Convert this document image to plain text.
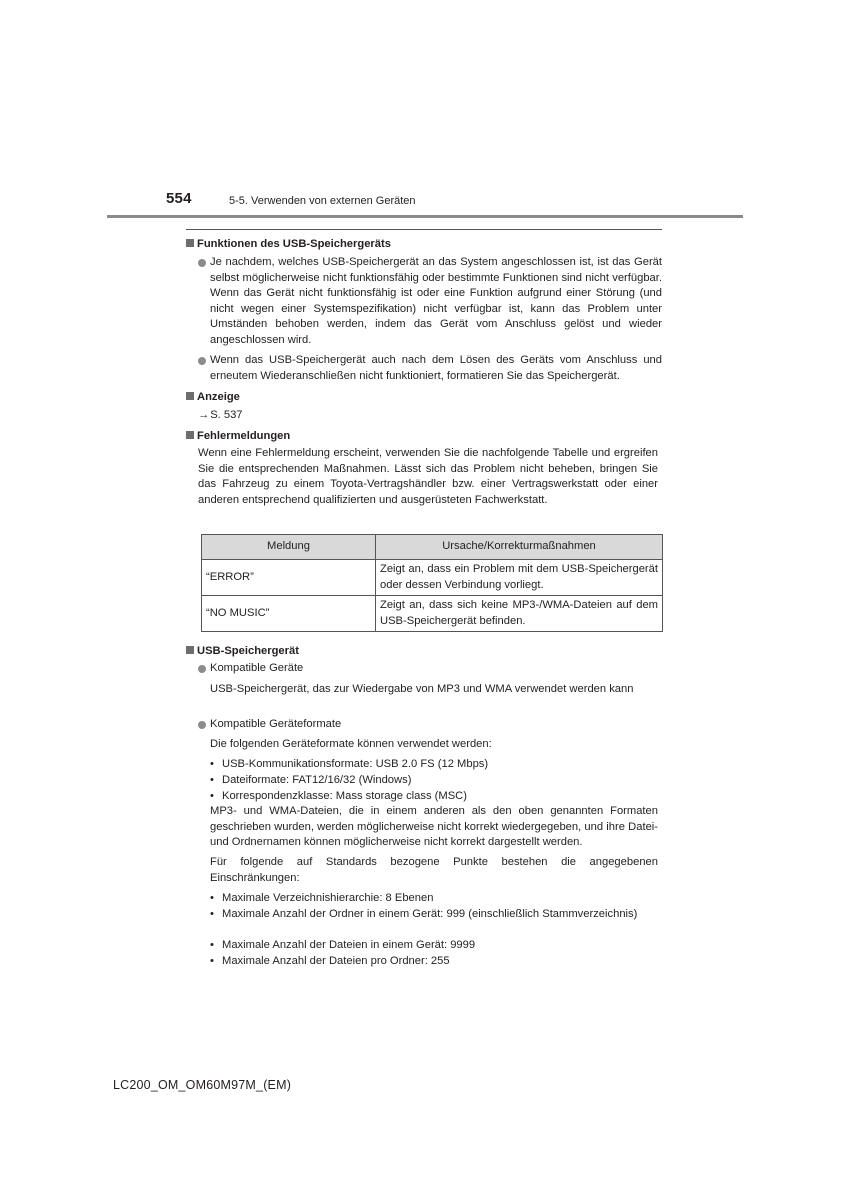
554	5-5. Verwenden von externen Geräten
Funktionen des USB-Speichergeräts
Je nachdem, welches USB-Speichergerät an das System angeschlossen ist, ist das Gerät selbst möglicherweise nicht funktionsfähig oder bestimmte Funktionen sind nicht verfügbar. Wenn das Gerät nicht funktionsfähig ist oder eine Funktion aufgrund einer Störung (und nicht wegen einer Systemspezifikation) nicht verfügbar ist, kann das Problem unter Umständen behoben werden, indem das Gerät vom Anschluss gelöst und wieder angeschlossen wird.
Wenn das USB-Speichergerät auch nach dem Lösen des Geräts vom Anschluss und erneutem Wiederanschließen nicht funktioniert, formatieren Sie das Speichergerät.
Anzeige
→S. 537
Fehlermeldungen
Wenn eine Fehlermeldung erscheint, verwenden Sie die nachfolgende Tabelle und ergreifen Sie die entsprechenden Maßnahmen. Lässt sich das Problem nicht beheben, bringen Sie das Fahrzeug zu einem Toyota-Vertragshändler bzw. einer Vertragswerkstatt oder einer anderen entsprechend qualifizierten und ausgerüsteten Fachwerkstatt.
Meldung	Ursache/Korrekturmaßnahmen
“ERROR”	Zeigt an, dass ein Problem mit dem USB-Speichergerät oder dessen Verbindung vorliegt.
“NO MUSIC”	Zeigt an, dass sich keine MP3-/WMA-Dateien auf dem USB-Speichergerät befinden.
USB-Speichergerät
Kompatible Geräte
USB-Speichergerät, das zur Wiedergabe von MP3 und WMA verwendet werden kann
Kompatible Geräteformate
Die folgenden Geräteformate können verwendet werden:
• USB-Kommunikationsformate: USB 2.0 FS (12 Mbps)
• Dateiformate: FAT12/16/32 (Windows)
• Korrespondenzklasse: Mass storage class (MSC)
MP3- und WMA-Dateien, die in einem anderen als den oben genannten Formaten geschrieben wurden, werden möglicherweise nicht korrekt wiedergegeben, und ihre Datei- und Ordnernamen können möglicherweise nicht korrekt dargestellt werden.
Für folgende auf Standards bezogene Punkte bestehen die angegebenen Einschränkungen:
• Maximale Verzeichnishierarchie: 8 Ebenen
• Maximale Anzahl der Ordner in einem Gerät: 999 (einschließlich Stammverzeichnis)
• Maximale Anzahl der Dateien in einem Gerät: 9999
• Maximale Anzahl der Dateien pro Ordner: 255
LC200_OM_OM60M97M_(EM)
